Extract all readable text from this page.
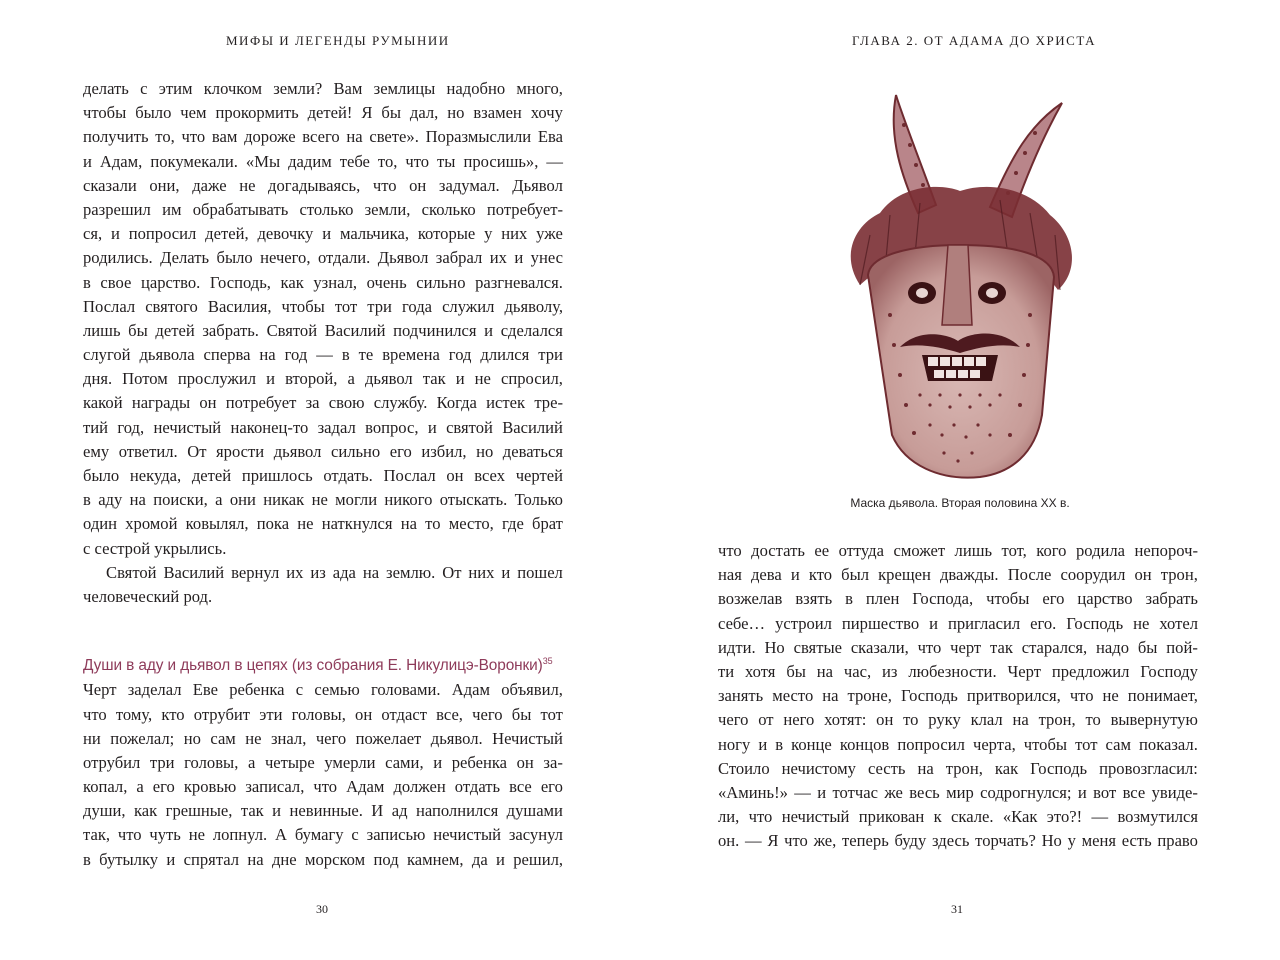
МИФЫ И ЛЕГЕНДЫ РУМЫНИИ
делать с этим клочком земли? Вам землицы надобно много,
чтобы было чем прокормить детей! Я бы дал, но взамен хочу
получить то, что вам дороже всего на свете». Поразмыслили Ева
и Адам, покумекали. «Мы дадим тебе то, что ты просишь», —
сказали они, даже не догадываясь, что он задумал. Дьявол
разрешил им обрабатывать столько земли, сколько потребует-
ся, и попросил детей, девочку и мальчика, которые у них уже
родились. Делать было нечего, отдали. Дьявол забрал их и унес
в свое царство. Господь, как узнал, очень сильно разгневался.
Послал святого Василия, чтобы тот три года служил дьяволу,
лишь бы детей забрать. Святой Василий подчинился и сделался
слугой дьявола сперва на год — в те времена год длился три
дня. Потом прослужил и второй, а дьявол так и не спросил,
какой награды он потребует за свою службу. Когда истек тре-
тий год, нечистый наконец-то задал вопрос, и святой Василий
ему ответил. От ярости дьявол сильно его избил, но деваться
было некуда, детей пришлось отдать. Послал он всех чертей
в аду на поиски, а они никак не могли никого отыскать. Только
один хромой ковылял, пока не наткнулся на то место, где брат
с сестрой укрылись.
Святой Василий вернул их из ада на землю. От них и пошел
человеческий род.
Души в аду и дьявол в цепях (из собрания Е. Никулицэ-Воронки)$^{35}$
Черт заделал Еве ребенка с семью головами. Адам объявил,
что тому, кто отрубит эти головы, он отдаст все, чего бы тот
ни пожелал; но сам не знал, чего пожелает дьявол. Нечистый
отрубил три головы, а четыре умерли сами, и ребенка он за-
копал, а его кровью записал, что Адам должен отдать все его
души, как грешные, так и невинные. И ад наполнился душами
так, что чуть не лопнул. А бумагу с записью нечистый засунул
в бутылку и спрятал на дне морском под камнем, да и решил,
30
ГЛАВА 2. ОТ АДАМА ДО ХРИСТА
Маска дьявола. Вторая половина XX в.
что достать ее оттуда сможет лишь тот, кого родила непороч-
ная дева и кто был крещен дважды. После соорудил он трон,
возжелав взять в плен Господа, чтобы его царство забрать
себе… устроил пиршество и пригласил его. Господь не хотел
идти. Но святые сказали, что черт так старался, надо бы пой-
ти хотя бы на час, из любезности. Черт предложил Господу
занять место на троне, Господь притворился, что не понимает,
чего от него хотят: он то руку клал на трон, то вывернутую
ногу и в конце концов попросил черта, чтобы тот сам показал.
Стоило нечистому сесть на трон, как Господь провозгласил:
«Аминь!» — и тотчас же весь мир содрогнулся; и вот все увиде-
ли, что нечистый прикован к скале. «Как это?! — возмутился
он. — Я что же, теперь буду здесь торчать? Но у меня есть право
31
